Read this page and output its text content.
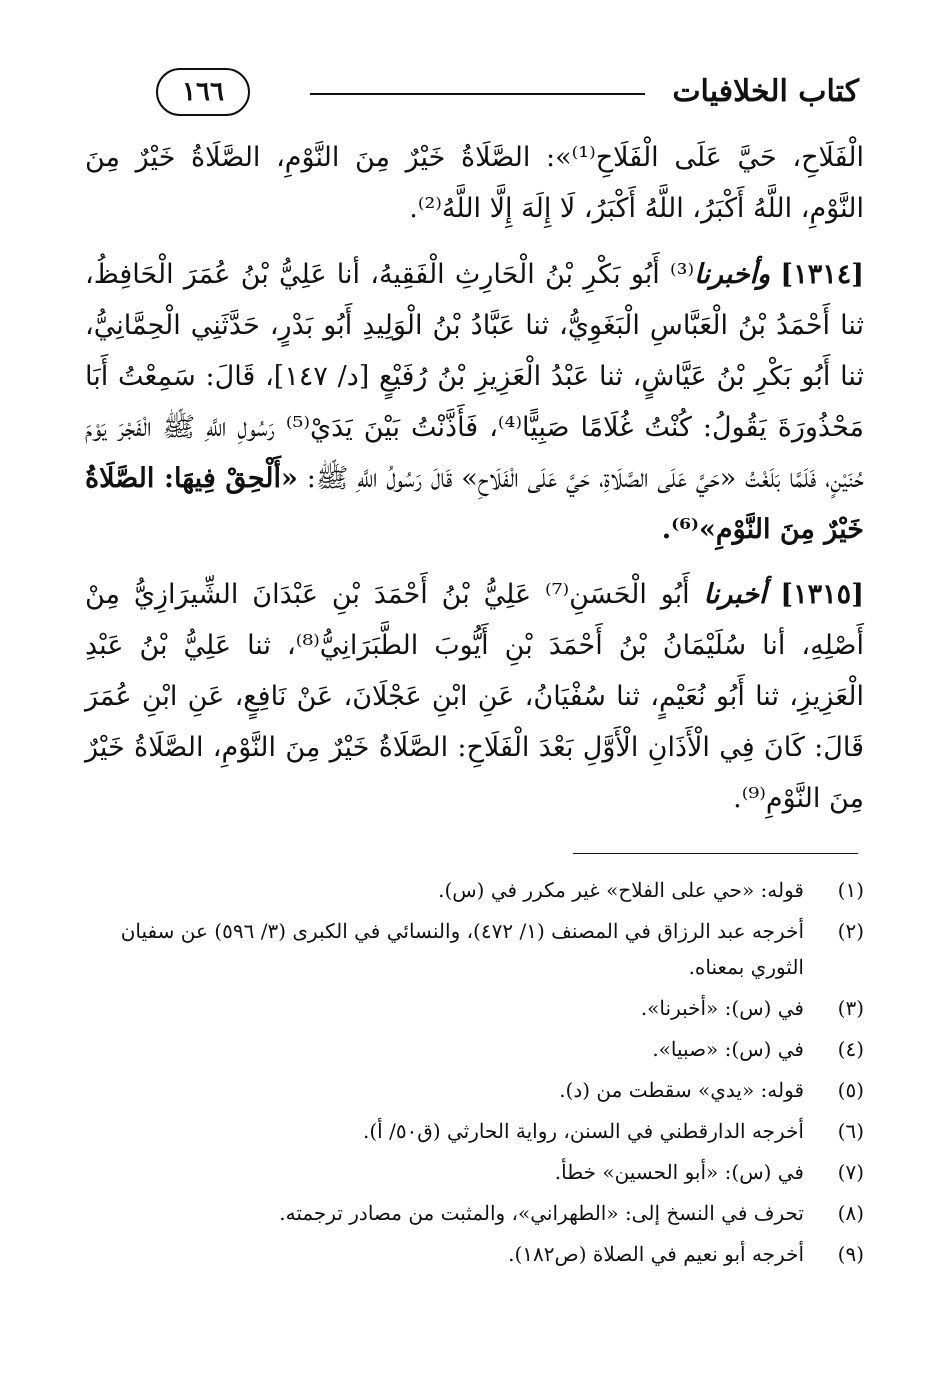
كتاب الخلافيات
١٦٦

الْفَلَاحِ، حَيَّ عَلَى الْفَلَاحِ⁽¹⁾»: الصَّلَاةُ خَيْرٌ مِنَ النَّوْمِ، الصَّلَاةُ خَيْرٌ مِنَ النَّوْمِ، اللَّهُ أَكْبَرُ، اللَّهُ أَكْبَرُ، لَا إِلَهَ إِلَّا اللَّهُ⁽²⁾.

[١٣١٤] وأخبرنا⁽³⁾ أَبُو بَكْرِ بْنُ الْحَارِثِ الْفَقِيهُ، أنا عَلِيُّ بْنُ عُمَرَ الْحَافِظُ، ثنا أَحْمَدُ بْنُ الْعَبَّاسِ الْبَغَوِيُّ، ثنا عَبَّادُ بْنُ الْوَلِيدِ أَبُو بَدْرٍ، حَدَّثَنِي الْحِمَّانِيُّ، ثنا أَبُو بَكْرِ بْنُ عَيَّاشٍ، ثنا عَبْدُ الْعَزِيزِ بْنُ رُفَيْعٍ [د/ ١٤٧]، قَالَ: سَمِعْتُ أَبَا مَحْذُورَةَ يَقُولُ: كُنْتُ غُلَامًا صَبِيًّا⁽⁴⁾، فَأَذَّنْتُ بَيْنَ يَدَيْ⁽⁵⁾ رَسُولِ اللَّهِ ﷺ الْفَجْرَ يَوْمَ حُنَيْنٍ، فَلَمَّا بَلَغْتُ «حَيَّ عَلَى الصَّلَاةِ، حَيَّ عَلَى الْفَلَاحِ» قَالَ رَسُولُ اللَّهِ ﷺ: «أَلْحِقْ فِيهَا: الصَّلَاةُ خَيْرٌ مِنَ النَّوْمِ»⁽⁶⁾.

[١٣١٥] أخبرنا أَبُو الْحَسَنِ⁽⁷⁾ عَلِيُّ بْنُ أَحْمَدَ بْنِ عَبْدَانَ الشِّيرَازِيُّ مِنْ أَصْلِهِ، أنا سُلَيْمَانُ بْنُ أَحْمَدَ بْنِ أَيُّوبَ الطَّبَرَانِيُّ⁽⁸⁾، ثنا عَلِيُّ بْنُ عَبْدِ الْعَزِيزِ، ثنا أَبُو نُعَيْمٍ، ثنا سُفْيَانُ، عَنِ ابْنِ عَجْلَانَ، عَنْ نَافِعٍ، عَنِ ابْنِ عُمَرَ قَالَ: كَانَ فِي الْأَذَانِ الْأَوَّلِ بَعْدَ الْفَلَاحِ: الصَّلَاةُ خَيْرٌ مِنَ النَّوْمِ، الصَّلَاةُ خَيْرٌ مِنَ النَّوْمِ⁽⁹⁾.

(١)
قوله: «حي على الفلاح» غير مكرر في (س).
(٢)
أخرجه عبد الرزاق في المصنف (١/ ٤٧٢)، والنسائي في الكبرى (٣/ ٥٩٦) عن سفيان الثوري بمعناه.
(٣)
في (س): «أخبرنا».
(٤)
في (س): «صبيا».
(٥)
قوله: «يدي» سقطت من (د).
(٦)
أخرجه الدارقطني في السنن، رواية الحارثي (ق٥٠/ أ).
(٧)
في (س): «أبو الحسين» خطأ.
(٨)
تحرف في النسخ إلى: «الطهراني»، والمثبت من مصادر ترجمته.
(٩)
أخرجه أبو نعيم في الصلاة (ص١٨٢).
